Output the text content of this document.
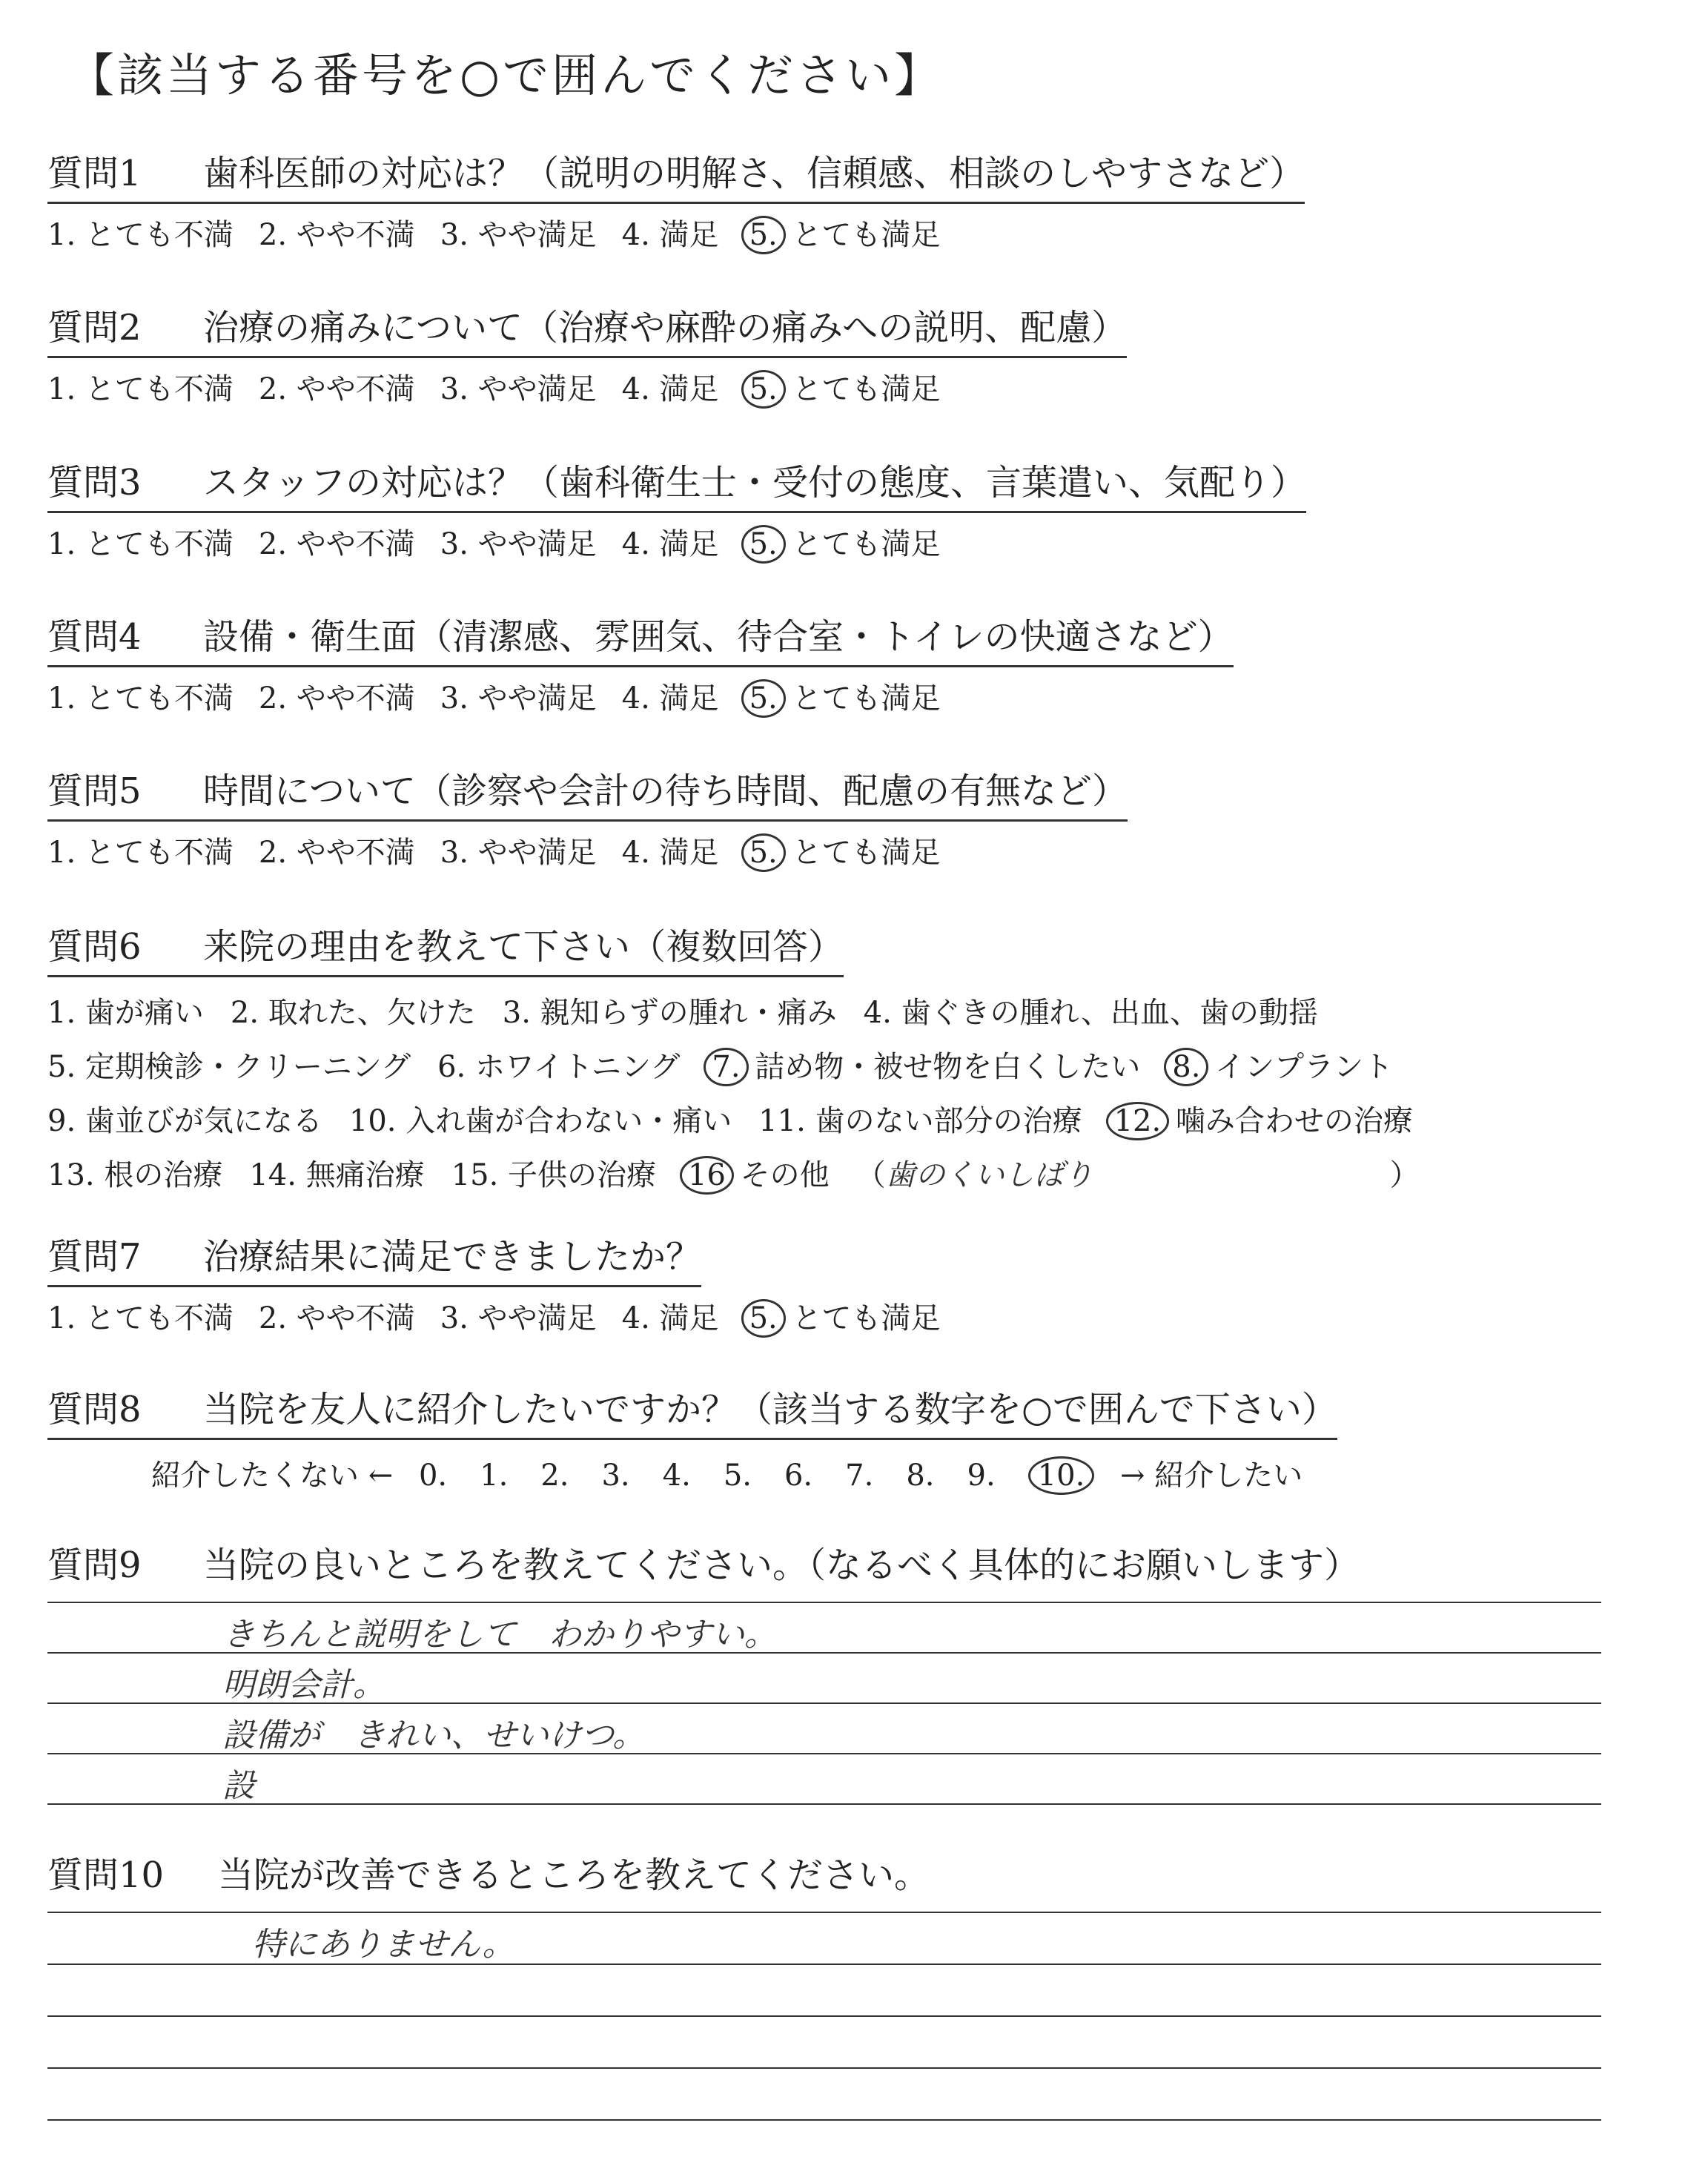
【該当する番号を○で囲んでください】
質問1 歯科医師の対応は？（説明の明解さ、信頼感、相談のしやすさなど）
1. とても不満 2. やや不満 3. やや満足 4. 満足 5. とても満足
質問2 治療の痛みについて（治療や麻酔の痛みへの説明、配慮）
1. とても不満 2. やや不満 3. やや満足 4. 満足 5. とても満足
質問3 スタッフの対応は？（歯科衛生士・受付の態度、言葉遣い、気配り）
1. とても不満 2. やや不満 3. やや満足 4. 満足 5. とても満足
質問4 設備・衛生面（清潔感、雰囲気、待合室・トイレの快適さなど）
1. とても不満 2. やや不満 3. やや満足 4. 満足 5. とても満足
質問5 時間について（診察や会計の待ち時間、配慮の有無など）
1. とても不満 2. やや不満 3. やや満足 4. 満足 5. とても満足
質問6 来院の理由を教えて下さい（複数回答）
1. 歯が痛い 2. 取れた、欠けた 3. 親知らずの腫れ・痛み 4. 歯ぐきの腫れ、出血、歯の動揺
5. 定期検診・クリーニング 6. ホワイトニング 7. 詰め物・被せ物を白くしたい 8. インプラント
9. 歯並びが気になる 10. 入れ歯が合わない・痛い 11. 歯のない部分の治療 12. 噛み合わせの治療
13. 根の治療 14. 無痛治療 15. 子供の治療 16 その他 （歯のくいしばり	）
質問7 治療結果に満足できましたか？
1. とても不満 2. やや不満 3. やや満足 4. 満足 5. とても満足
質問8 当院を友人に紹介したいですか？（該当する数字を○で囲んで下さい）
紹介したくない ← 0. 1. 2. 3. 4. 5. 6. 7. 8. 9. 10. → 紹介したい
質問9 当院の良いところを教えてください。（なるべく具体的にお願いします）
きちんと説明をして　わかりやすい。
明朗会計。
設備が　きれい、せいけつ。
設
質問10 当院が改善できるところを教えてください。
特にありません。
